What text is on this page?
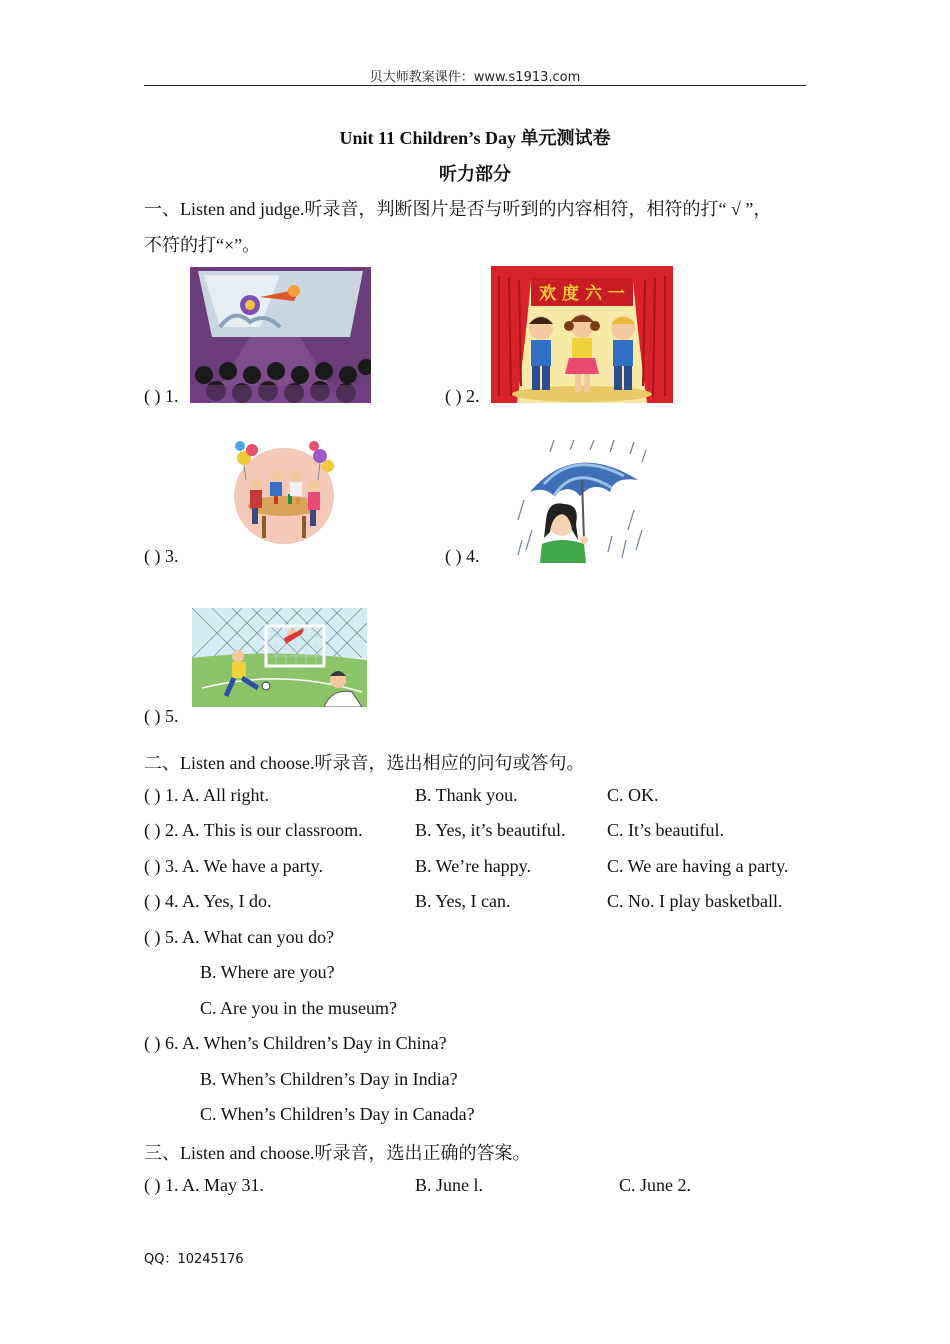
贝大师教案课件：www.s1913.com
Unit 11 Children’s Day 单元测试卷
听力部分
一、Listen and judge.听录音，判断图片是否与听到的内容相符，相符的打“ √ ”，
不符的打“×”。
( ) 1.
欢 度 六 一
( ) 2.
( ) 3.	( ) 4.
( ) 5.
二、Listen and choose.听录音，选出相应的问句或答句。
( ) 1. A. All right.	B. Thank you.	C. OK.
( ) 2. A. This is our classroom.	B. Yes, it’s beautiful. C. It’s beautiful.
( ) 3. A. We have a party.	B. We’re happy.	C. We are having a party.
( ) 4. A. Yes, I do.	B. Yes, I can.	C. No. I play basketball.
( ) 5. A. What can you do?
B. Where are you?
C. Are you in the museum?
( ) 6. A. When’s Children’s Day in China?
B. When’s Children’s Day in India?
C. When’s Children’s Day in Canada?
三、Listen and choose.听录音，选出正确的答案。
( ) 1. A. May 31.	B. June l.	C. June 2.
QQ：10245176
